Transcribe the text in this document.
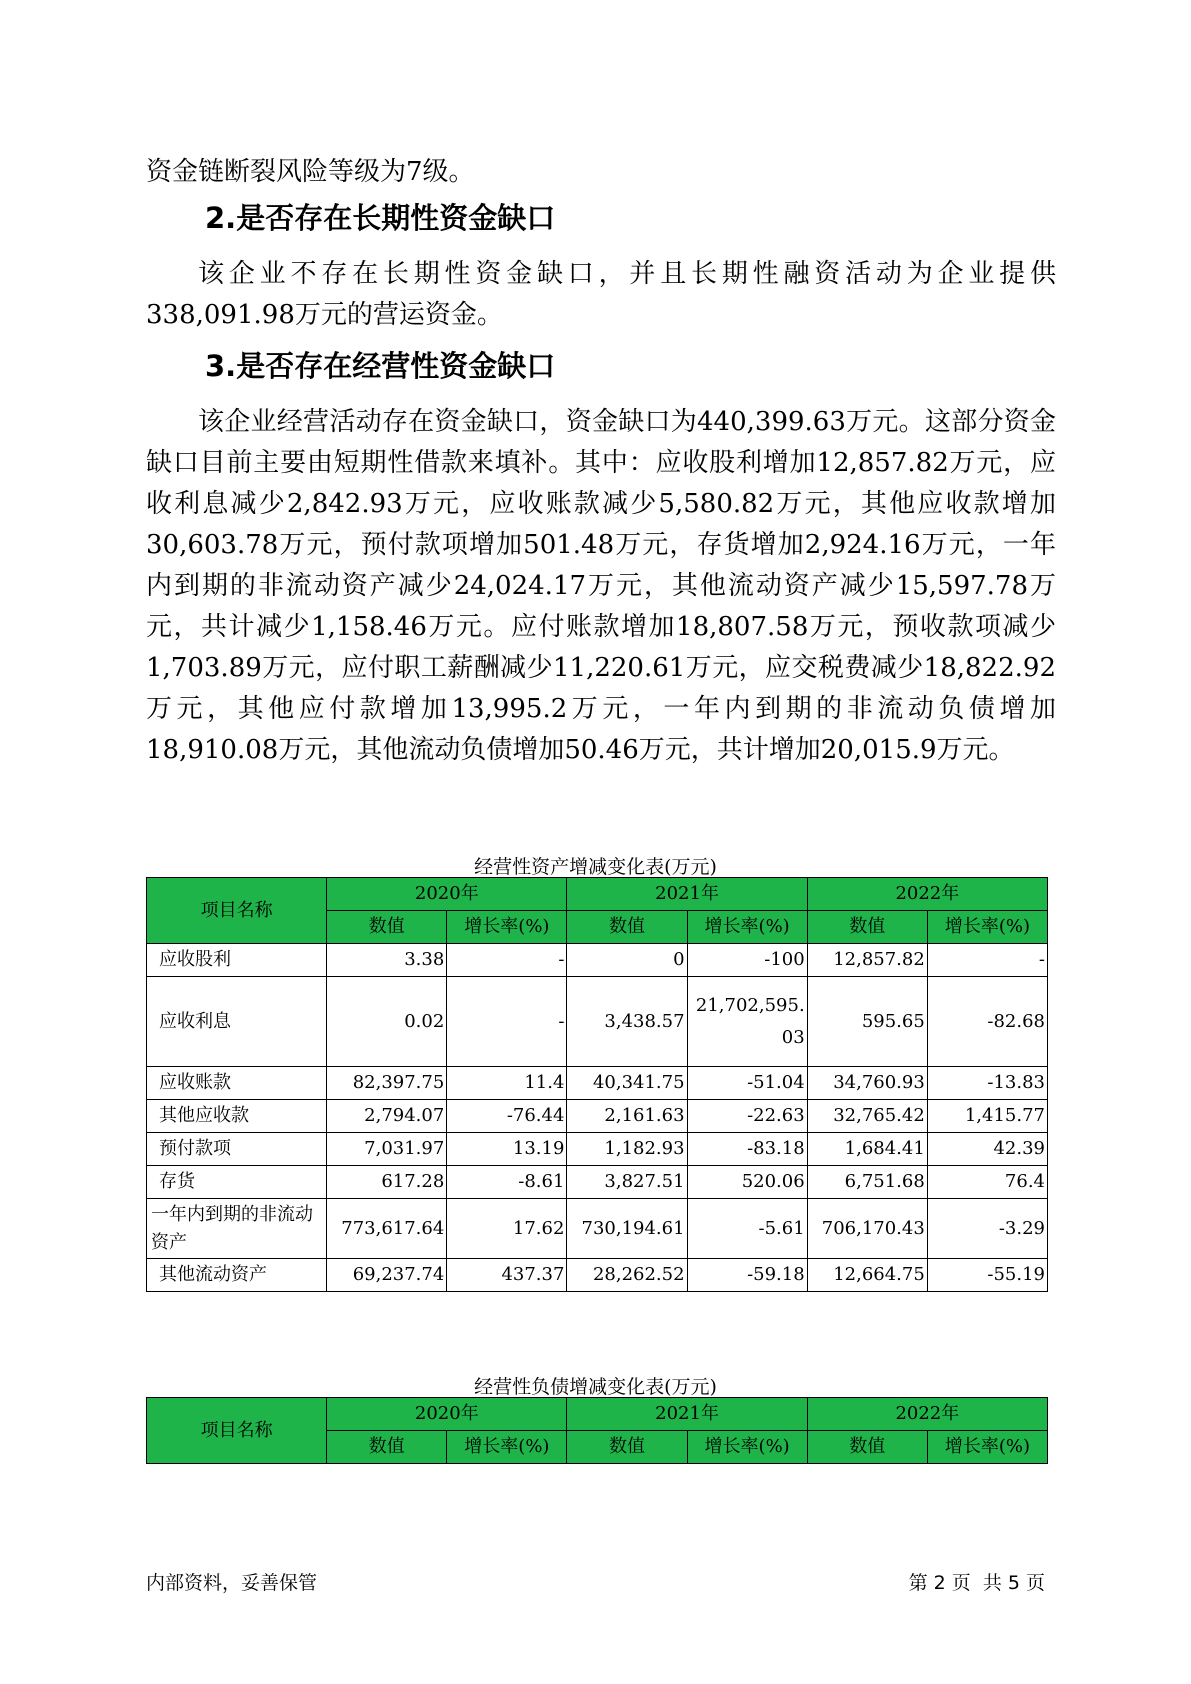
资金链断裂风险等级为7级。

2.是否存在长期性资金缺口

该企业不存在长期性资金缺口，并且长期性融资活动为企业提供338,091.98万元的营运资金。

3.是否存在经营性资金缺口

该企业经营活动存在资金缺口，资金缺口为440,399.63万元。这部分资金缺口目前主要由短期性借款来填补。其中：应收股利增加12,857.82万元，应收利息减少2,842.93万元，应收账款减少5,580.82万元，其他应收款增加30,603.78万元，预付款项增加501.48万元，存货增加2,924.16万元，一年内到期的非流动资产减少24,024.17万元，其他流动资产减少15,597.78万元，共计减少1,158.46万元。应付账款增加18,807.58万元，预收款项减少1,703.89万元，应付职工薪酬减少11,220.61万元，应交税费减少18,822.92万元，其他应付款增加13,995.2万元，一年内到期的非流动负债增加18,910.08万元，其他流动负债增加50.46万元，共计增加20,015.9万元。

经营性资产增减变化表(万元)
项目名称	2020年		2021年		2022年	
	数值	增长率(%)	数值	增长率(%)	数值	增长率(%)
应收股利	3.38	-	0	-100	12,857.82	-
应收利息	0.02	-	3,438.57	21,702,595.03	595.65	-82.68
应收账款	82,397.75	11.4	40,341.75	-51.04	34,760.93	-13.83
其他应收款	2,794.07	-76.44	2,161.63	-22.63	32,765.42	1,415.77
预付款项	7,031.97	13.19	1,182.93	-83.18	1,684.41	42.39
存货	617.28	-8.61	3,827.51	520.06	6,751.68	76.4
一年内到期的非流动资产	773,617.64	17.62	730,194.61	-5.61	706,170.43	-3.29
其他流动资产	69,237.74	437.37	28,262.52	-59.18	12,664.75	-55.19
经营性负债增减变化表(万元)
项目名称	2020年		2021年		2022年	
	数值	增长率(%)	数值	增长率(%)	数值	增长率(%)
内部资料，妥善保管	第 2 页  共 5 页
